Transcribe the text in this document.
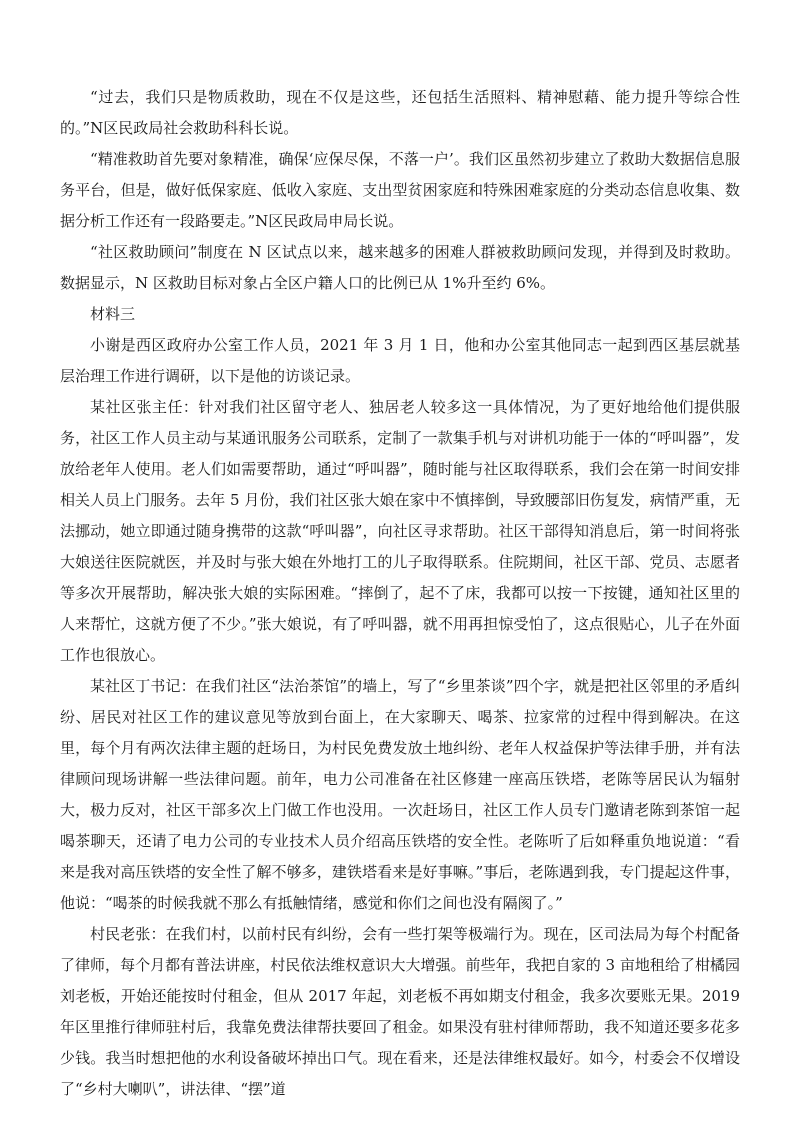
“过去，我们只是物质救助，现在不仅是这些，还包括生活照料、精神慰藉、能力提升等综合性的。”N区民政局社会救助科科长说。

“精准救助首先要对象精准，确保‘应保尽保，不落一户’。我们区虽然初步建立了救助大数据信息服务平台，但是，做好低保家庭、低收入家庭、支出型贫困家庭和特殊困难家庭的分类动态信息收集、数据分析工作还有一段路要走。”N区民政局申局长说。

“社区救助顾问”制度在 N 区试点以来，越来越多的困难人群被救助顾问发现，并得到及时救助。数据显示，N 区救助目标对象占全区户籍人口的比例已从 1%升至约 6%。

材料三

小谢是西区政府办公室工作人员，2021 年 3 月 1 日，他和办公室其他同志一起到西区基层就基层治理工作进行调研，以下是他的访谈记录。

某社区张主任：针对我们社区留守老人、独居老人较多这一具体情况，为了更好地给他们提供服务，社区工作人员主动与某通讯服务公司联系，定制了一款集手机与对讲机功能于一体的“呼叫器”，发放给老年人使用。老人们如需要帮助，通过“呼叫器”，随时能与社区取得联系，我们会在第一时间安排相关人员上门服务。去年 5 月份，我们社区张大娘在家中不慎摔倒，导致腰部旧伤复发，病情严重，无法挪动，她立即通过随身携带的这款“呼叫器”，向社区寻求帮助。社区干部得知消息后，第一时间将张大娘送往医院就医，并及时与张大娘在外地打工的儿子取得联系。住院期间，社区干部、党员、志愿者等多次开展帮助，解决张大娘的实际困难。“摔倒了，起不了床，我都可以按一下按键，通知社区里的人来帮忙，这就方便了不少。”张大娘说，有了呼叫器，就不用再担惊受怕了，这点很贴心，儿子在外面工作也很放心。

某社区丁书记：在我们社区“法治茶馆”的墙上，写了“乡里茶谈”四个字，就是把社区邻里的矛盾纠纷、居民对社区工作的建议意见等放到台面上，在大家聊天、喝茶、拉家常的过程中得到解决。在这里，每个月有两次法律主题的赶场日，为村民免费发放土地纠纷、老年人权益保护等法律手册，并有法律顾问现场讲解一些法律问题。前年，电力公司准备在社区修建一座高压铁塔，老陈等居民认为辐射大，极力反对，社区干部多次上门做工作也没用。一次赶场日，社区工作人员专门邀请老陈到茶馆一起喝茶聊天，还请了电力公司的专业技术人员介绍高压铁塔的安全性。老陈听了后如释重负地说道：“看来是我对高压铁塔的安全性了解不够多，建铁塔看来是好事嘛。”事后，老陈遇到我，专门提起这件事，他说：“喝茶的时候我就不那么有抵触情绪，感觉和你们之间也没有隔阂了。”

村民老张：在我们村，以前村民有纠纷，会有一些打架等极端行为。现在，区司法局为每个村配备了律师，每个月都有普法讲座，村民依法维权意识大大增强。前些年，我把自家的 3 亩地租给了柑橘园刘老板，开始还能按时付租金，但从 2017 年起，刘老板不再如期支付租金，我多次要账无果。2019 年区里推行律师驻村后，我靠免费法律帮扶要回了租金。如果没有驻村律师帮助，我不知道还要多花多少钱。我当时想把他的水利设备破坏掉出口气。现在看来，还是法律维权最好。如今，村委会不仅增设了“乡村大喇叭”，讲法律、“摆”道
